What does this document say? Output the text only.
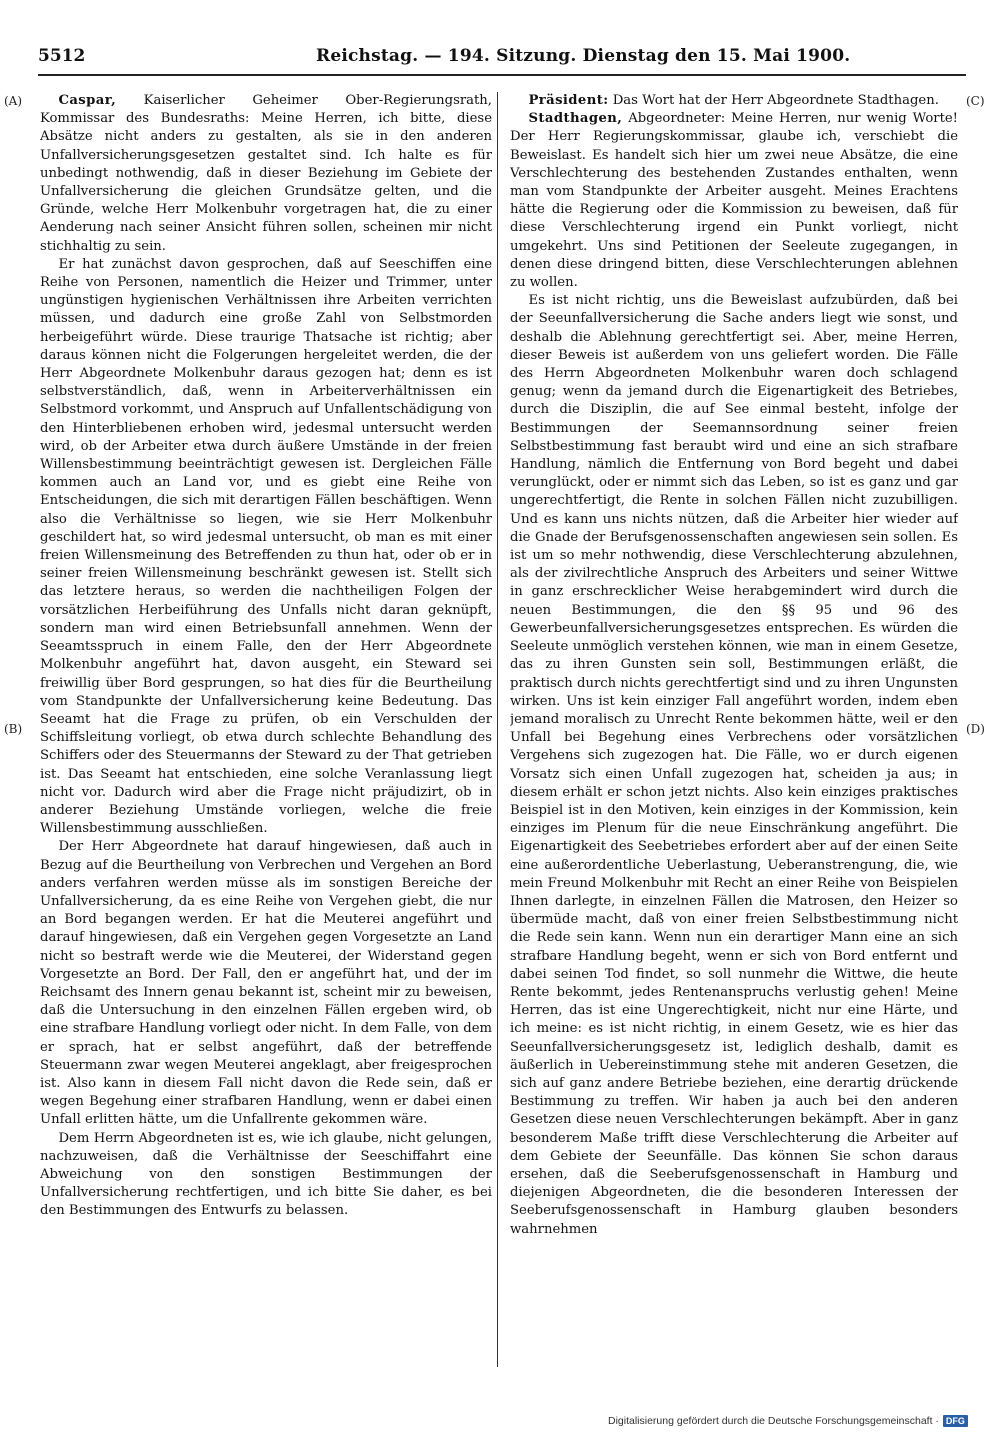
5512	Reichstag. — 194. Sitzung. Dienstag den 15. Mai 1900.
(A)
(B)
(C)
(D)

Caspar, Kaiserlicher Geheimer Ober-Regierungsrath, Kommissar des Bundesraths: Meine Herren, ich bitte, diese Absätze nicht anders zu gestalten, als sie in den anderen Unfallversicherungsgesetzen gestaltet sind. Ich halte es für unbedingt nothwendig, daß in dieser Beziehung im Gebiete der Unfallversicherung die gleichen Grundsätze gelten, und die Gründe, welche Herr Molkenbuhr vorgetragen hat, die zu einer Aenderung nach seiner Ansicht führen sollen, scheinen mir nicht stichhaltig zu sein.

Er hat zunächst davon gesprochen, daß auf Seeschiffen eine Reihe von Personen, namentlich die Heizer und Trimmer, unter ungünstigen hygienischen Verhältnissen ihre Arbeiten verrichten müssen, und dadurch eine große Zahl von Selbstmorden herbeigeführt würde. Diese traurige Thatsache ist richtig; aber daraus können nicht die Folgerungen hergeleitet werden, die der Herr Abgeordnete Molkenbuhr daraus gezogen hat; denn es ist selbstverständlich, daß, wenn in Arbeiterverhältnissen ein Selbstmord vorkommt, und Anspruch auf Unfallentschädigung von den Hinterbliebenen erhoben wird, jedesmal untersucht werden wird, ob der Arbeiter etwa durch äußere Umstände in der freien Willensbestimmung beeinträchtigt gewesen ist. Dergleichen Fälle kommen auch an Land vor, und es giebt eine Reihe von Entscheidungen, die sich mit derartigen Fällen beschäftigen. Wenn also die Verhältnisse so liegen, wie sie Herr Molkenbuhr geschildert hat, so wird jedesmal untersucht, ob man es mit einer freien Willensmeinung des Betreffenden zu thun hat, oder ob er in seiner freien Willensmeinung beschränkt gewesen ist. Stellt sich das letztere heraus, so werden die nachtheiligen Folgen der vorsätzlichen Herbeiführung des Unfalls nicht daran geknüpft, sondern man wird einen Betriebsunfall annehmen. Wenn der Seeamtsspruch in einem Falle, den der Herr Abgeordnete Molkenbuhr angeführt hat, davon ausgeht, ein Steward sei freiwillig über Bord gesprungen, so hat dies für die Beurtheilung vom Standpunkte der Unfallversicherung keine Bedeutung. Das Seeamt hat die Frage zu prüfen, ob ein Verschulden der Schiffsleitung vorliegt, ob etwa durch schlechte Behandlung des Schiffers oder des Steuermanns der Steward zu der That getrieben ist. Das Seeamt hat entschieden, eine solche Veranlassung liegt nicht vor. Dadurch wird aber die Frage nicht präjudizirt, ob in anderer Beziehung Umstände vorliegen, welche die freie Willensbestimmung ausschließen.

Der Herr Abgeordnete hat darauf hingewiesen, daß auch in Bezug auf die Beurtheilung von Verbrechen und Vergehen an Bord anders verfahren werden müsse als im sonstigen Bereiche der Unfallversicherung, da es eine Reihe von Vergehen giebt, die nur an Bord begangen werden. Er hat die Meuterei angeführt und darauf hingewiesen, daß ein Vergehen gegen Vorgesetzte an Land nicht so bestraft werde wie die Meuterei, der Widerstand gegen Vorgesetzte an Bord. Der Fall, den er angeführt hat, und der im Reichsamt des Innern genau bekannt ist, scheint mir zu beweisen, daß die Untersuchung in den einzelnen Fällen ergeben wird, ob eine strafbare Handlung vorliegt oder nicht. In dem Falle, von dem er sprach, hat er selbst angeführt, daß der betreffende Steuermann zwar wegen Meuterei angeklagt, aber freigesprochen ist. Also kann in diesem Fall nicht davon die Rede sein, daß er wegen Begehung einer strafbaren Handlung, wenn er dabei einen Unfall erlitten hätte, um die Unfallrente gekommen wäre.

Dem Herrn Abgeordneten ist es, wie ich glaube, nicht gelungen, nachzuweisen, daß die Verhältnisse der Seeschiffahrt eine Abweichung von den sonstigen Bestimmungen der Unfallversicherung rechtfertigen, und ich bitte Sie daher, es bei den Bestimmungen des Entwurfs zu belassen.

Präsident: Das Wort hat der Herr Abgeordnete Stadthagen.

Stadthagen, Abgeordneter: Meine Herren, nur wenig Worte! Der Herr Regierungskommissar, glaube ich, verschiebt die Beweislast. Es handelt sich hier um zwei neue Absätze, die eine Verschlechterung des bestehenden Zustandes enthalten, wenn man vom Standpunkte der Arbeiter ausgeht. Meines Erachtens hätte die Regierung oder die Kommission zu beweisen, daß für diese Verschlechterung irgend ein Punkt vorliegt, nicht umgekehrt. Uns sind Petitionen der Seeleute zugegangen, in denen diese dringend bitten, diese Verschlechterungen ablehnen zu wollen.

Es ist nicht richtig, uns die Beweislast aufzubürden, daß bei der Seeunfallversicherung die Sache anders liegt wie sonst, und deshalb die Ablehnung gerechtfertigt sei. Aber, meine Herren, dieser Beweis ist außerdem von uns geliefert worden. Die Fälle des Herrn Abgeordneten Molkenbuhr waren doch schlagend genug; wenn da jemand durch die Eigenartigkeit des Betriebes, durch die Disziplin, die auf See einmal besteht, infolge der Bestimmungen der Seemannsordnung seiner freien Selbstbestimmung fast beraubt wird und eine an sich strafbare Handlung, nämlich die Entfernung von Bord begeht und dabei verunglückt, oder er nimmt sich das Leben, so ist es ganz und gar ungerechtfertigt, die Rente in solchen Fällen nicht zuzubilligen. Und es kann uns nichts nützen, daß die Arbeiter hier wieder auf die Gnade der Berufsgenossenschaften angewiesen sein sollen. Es ist um so mehr nothwendig, diese Verschlechterung abzulehnen, als der zivilrechtliche Anspruch des Arbeiters und seiner Wittwe in ganz erschrecklicher Weise herabgemindert wird durch die neuen Bestimmungen, die den §§ 95 und 96 des Gewerbeunfallversicherungsgesetzes entsprechen. Es würden die Seeleute unmöglich verstehen können, wie man in einem Gesetze, das zu ihren Gunsten sein soll, Bestimmungen erläßt, die praktisch durch nichts gerechtfertigt sind und zu ihren Ungunsten wirken. Uns ist kein einziger Fall angeführt worden, indem eben jemand moralisch zu Unrecht Rente bekommen hätte, weil er den Unfall bei Begehung eines Verbrechens oder vorsätzlichen Vergehens sich zugezogen hat. Die Fälle, wo er durch eigenen Vorsatz sich einen Unfall zugezogen hat, scheiden ja aus; in diesem erhält er schon jetzt nichts. Also kein einziges praktisches Beispiel ist in den Motiven, kein einziges in der Kommission, kein einziges im Plenum für die neue Einschränkung angeführt. Die Eigenartigkeit des Seebetriebes erfordert aber auf der einen Seite eine außerordentliche Ueberlastung, Ueberanstrengung, die, wie mein Freund Molkenbuhr mit Recht an einer Reihe von Beispielen Ihnen darlegte, in einzelnen Fällen die Matrosen, den Heizer so übermüde macht, daß von einer freien Selbstbestimmung nicht die Rede sein kann. Wenn nun ein derartiger Mann eine an sich strafbare Handlung begeht, wenn er sich von Bord entfernt und dabei seinen Tod findet, so soll nunmehr die Wittwe, die heute Rente bekommt, jedes Rentenanspruchs verlustig gehen! Meine Herren, das ist eine Ungerechtigkeit, nicht nur eine Härte, und ich meine: es ist nicht richtig, in einem Gesetz, wie es hier das Seeunfallversicherungsgesetz ist, lediglich deshalb, damit es äußerlich in Uebereinstimmung stehe mit anderen Gesetzen, die sich auf ganz andere Betriebe beziehen, eine derartig drückende Bestimmung zu treffen. Wir haben ja auch bei den anderen Gesetzen diese neuen Verschlechterungen bekämpft. Aber in ganz besonderem Maße trifft diese Verschlechterung die Arbeiter auf dem Gebiete der Seeunfälle. Das können Sie schon daraus ersehen, daß die Seeberufsgenossenschaft in Hamburg und diejenigen Abgeordneten, die die besonderen Interessen der Seeberufsgenossenschaft in Hamburg glauben besonders wahrnehmen

Digitalisierung gefördert durch die Deutsche Forschungsgemeinschaft · DFG
